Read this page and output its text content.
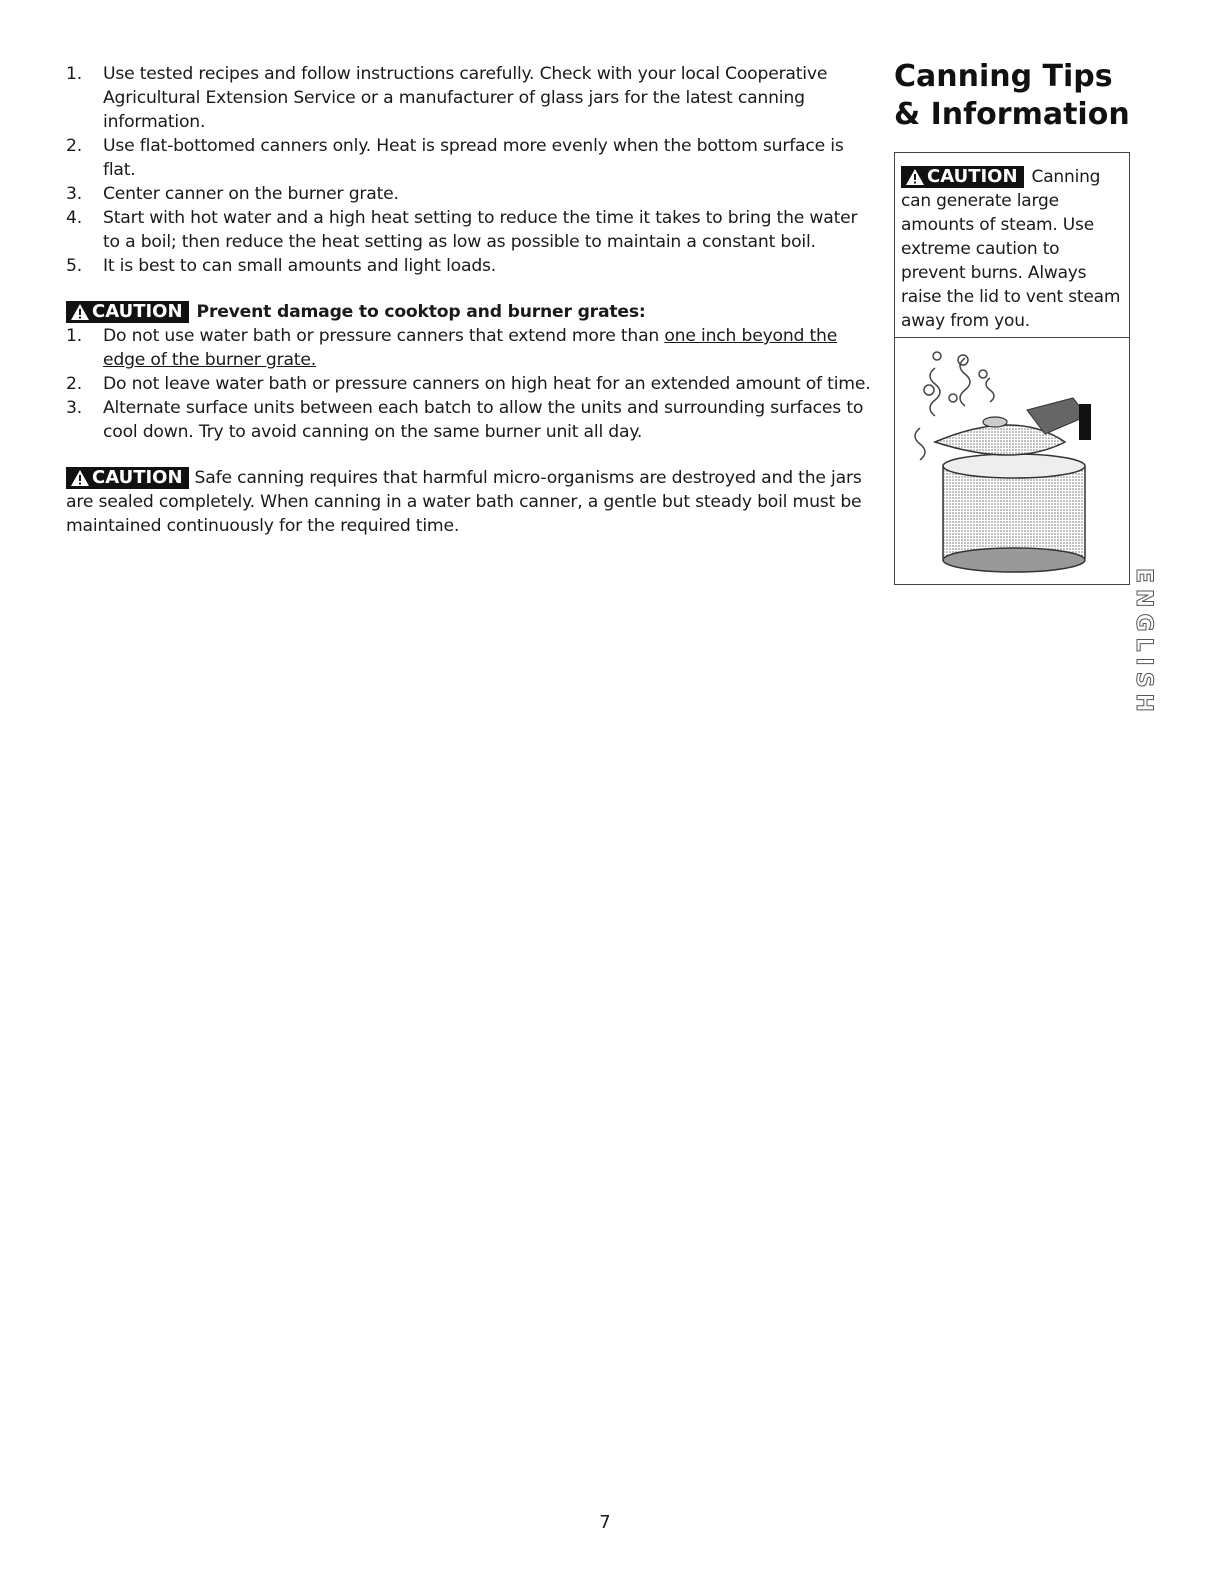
1.	Use tested recipes and follow instructions carefully. Check with your local Cooperative Agricultural Extension Service or a manufacturer of glass jars for the latest canning information.
2.	Use flat-bottomed canners only. Heat is spread more evenly when the bottom surface is flat.
3.	Center canner on the burner grate.
4.	Start with hot water and a high heat setting to reduce the time it takes to bring the water to a boil; then reduce the heat setting as low as possible to maintain a constant boil.
5.	It is best to can small amounts and light loads.
CAUTION Prevent damage to cooktop and burner grates:
1.	Do not use water bath or pressure canners that extend more than one inch beyond the edge of the burner grate.
2.	Do not leave water bath or pressure canners on high heat for an extended amount of time.
3.	Alternate surface units between each batch to allow the units and surrounding surfaces to cool down. Try to avoid canning on the same burner unit all day.
CAUTION Safe canning requires that harmful micro-organisms are destroyed and the jars are sealed completely. When canning in a water bath canner, a gentle but steady boil must be maintained continuously for the required time.
Canning Tips & Information
CAUTION Canning can generate large amounts of steam. Use extreme caution to prevent burns. Always raise the lid to vent steam away from you.
ENGLISH
7
